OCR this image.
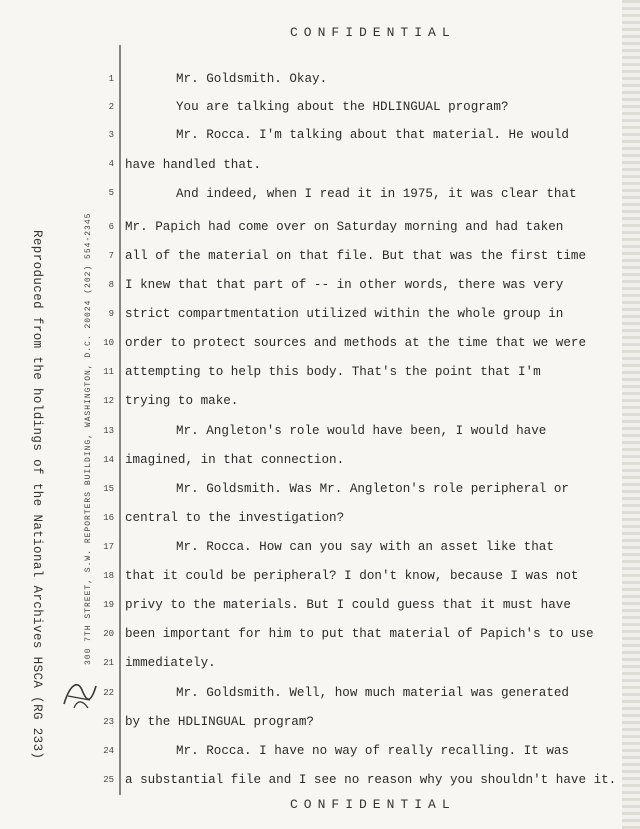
CONFIDENTIAL
Reproduced from the holdings of the National Archives HSCA (RG 233)	300 7TH STREET, S.W. REPORTERS BUILDING, WASHINGTON, D.C. 20024 (202) 554-2345
1
2
3
4
5
6
7
8
9
10
11
12
13
14
15
16
17
18
19
20
21
22
23
24
25
Mr. Goldsmith. Okay.
You are talking about the HDLINGUAL program?
Mr. Rocca. I'm talking about that material. He would
have handled that.
And indeed, when I read it in 1975, it was clear that
Mr. Papich had come over on Saturday morning and had taken
all of the material on that file. But that was the first time
I knew that that part of -- in other words, there was very
strict compartmentation utilized within the whole group in
order to protect sources and methods at the time that we were
attempting to help this body. That's the point that I'm
trying to make.
Mr. Angleton's role would have been, I would have
imagined, in that connection.
Mr. Goldsmith. Was Mr. Angleton's role peripheral or
central to the investigation?
Mr. Rocca. How can you say with an asset like that
that it could be peripheral? I don't know, because I was not
privy to the materials. But I could guess that it must have
been important for him to put that material of Papich's to use
immediately.
Mr. Goldsmith. Well, how much material was generated
by the HDLINGUAL program?
Mr. Rocca. I have no way of really recalling. It was
a substantial file and I see no reason why you shouldn't have it.
CONFIDENTIAL
